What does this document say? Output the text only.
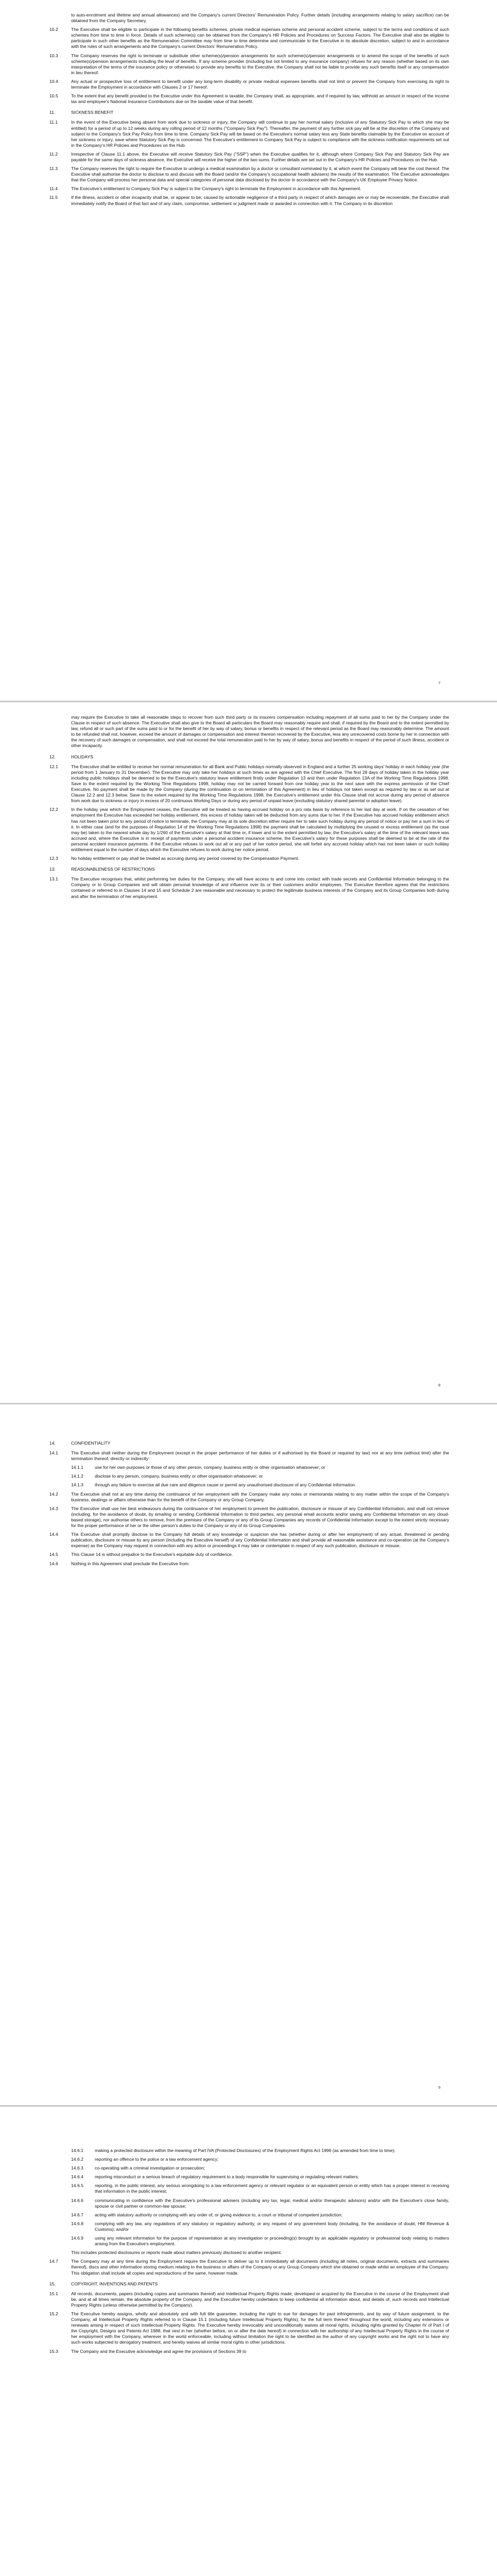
to auto-enrolment and lifetime and annual allowances) and the Company's current Directors' Remuneration Policy. Further details (including arrangements relating to salary sacrifice) can be obtained from the Company Secretary.
10.2	The Executive shall be eligible to participate in the following benefits schemes; private medical expenses scheme and personal accident scheme, subject to the terms and conditions of such schemes from time to time in force. Details of such scheme(s) can be obtained from the Company's HR Policies and Procedures on Success Factors. The Executive shall also be eligible to participate in such other benefits as the Remuneration Committee may from time to time determine and communicate to the Executive in its absolute discretion, subject to and in accordance with the rules of such arrangements and the Company's current Directors' Remuneration Policy.
10.3	The Company reserves the right to terminate or substitute other scheme(s)/pension arrangements for such scheme(s)/pension arrangements or to amend the scope of the benefits of such scheme(s)/pension arrangements including the level of benefits. If any scheme provider (including but not limited to any insurance company) refuses for any reason (whether based on its own interpretation of the terms of the insurance policy or otherwise) to provide any benefits to the Executive, the Company shall not be liable to provide any such benefits itself or any compensation in lieu thereof.
10.4	Any actual or prospective loss of entitlement to benefit under any long-term disability or private medical expenses benefits shall not limit or prevent the Company from exercising its right to terminate the Employment in accordance with Clauses 2 or 17 hereof.
10.5	To the extent that any benefit provided to the Executive under this Agreement is taxable, the Company shall, as appropriate, and if required by law, withhold an amount in respect of the income tax and employee's National Insurance Contributions due on the taxable value of that benefit.
11.	SICKNESS BENEFIT
11.1	In the event of the Executive being absent from work due to sickness or injury, the Company will continue to pay her normal salary (inclusive of any Statutory Sick Pay to which she may be entitled) for a period of up to 12 weeks during any rolling period of 12 months ("Company Sick Pay"). Thereafter, the payment of any further sick pay will be at the discretion of the Company and subject to the Company's Sick Pay Policy from time to time. Company Sick Pay will be based on the Executive's normal salary less any State benefits claimable by the Executive on account of her sickness or injury, save where Statutory Sick Pay is concerned. The Executive's entitlement to Company Sick Pay is subject to compliance with the sickness notification requirements set out in the Company's HR Policies and Procedures on the Hub.
11.2	Irrespective of Clause 11.1 above, the Executive will receive Statutory Sick Pay ("SSP") when the Executive qualifies for it, although where Company Sick Pay and Statutory Sick Pay are payable for the same days of sickness absence, the Executive will receive the higher of the two sums. Further details are set out in the Company's HR Policies and Procedures on the Hub.
11.3	The Company reserves the right to require the Executive to undergo a medical examination by a doctor or consultant nominated by it, at which event the Company will bear the cost thereof. The Executive shall authorise the doctor to disclose to and discuss with the Board (and/or the Company's occupational health advisers) the results of the examination. The Executive acknowledges that the Company will process her personal data and special categories of personal data disclosed by the doctor in accordance with the Company's UK Employee Privacy Notice.
11.4	The Executive's entitlement to Company Sick Pay is subject to the Company's right to terminate the Employment in accordance with this Agreement.
11.5	If the illness, accident or other incapacity shall be, or appear to be, caused by actionable negligence of a third party in respect of which damages are or may be recoverable, the Executive shall immediately notify the Board of that fact and of any claim, compromise, settlement or judgment made or awarded in connection with it. The Company in its discretion
7
may require the Executive to take all reasonable steps to recover from such third party or its insurers compensation including repayment of all sums paid to her by the Company under the Clause in respect of such absence. The Executive shall also give to the Board all particulars the Board may reasonably require and shall, if required by the Board and to the extent permitted by law, refund all or such part of the sums paid to or for the benefit of her by way of salary, bonus or benefits in respect of the relevant period as the Board may reasonably determine. The amount to be refunded shall not, however, exceed the amount of damages or compensation and interest thereon recovered by the Executive, less any unrecovered costs borne by her in connection with the recovery of such damages or compensation, and shall not exceed the total remuneration paid to her by way of salary, bonus and benefits in respect of the period of such illness, accident or other incapacity.
12.	HOLIDAYS
12.1	The Executive shall be entitled to receive her normal remuneration for all Bank and Public holidays normally observed in England and a further 25 working days' holiday in each holiday year (the period from 1 January to 31 December). The Executive may only take her holidays at such times as are agreed with the Chief Executive. The first 28 days of holiday taken in the holiday year including public holidays shall be deemed to be the Executive's statutory leave entitlement firstly under Regulation 13 and then under Regulation 13A of the Working Time Regulations 1998. Save to the extent required by the Working Time Regulations 1998, holiday may not be carried forward from one holiday year to the next save with the express permission of the Chief Executive. No payment shall be made by the Company (during the continuation or on termination of this Agreement) in lieu of holidays not taken except as required by law or as set out at Clause 12.2 and 12.3 below. Save to the extent required by the Working Time Regulations 1998, the Executive's entitlement under this Clause shall not accrue during any period of absence from work due to sickness or injury in excess of 20 continuous Working Days or during any period of unpaid leave (excluding statutory shared parental or adoption leave).
12.2	In the holiday year which the Employment ceases, the Executive will be treated as having accrued holiday on a pro rata basis by reference to her last day at work. If on the cessation of her employment the Executive has exceeded her holiday entitlement, this excess of holiday taken will be deducted from any sums due to her. If the Executive has accrued holiday entitlement which has not been taken prior to any period of notice to terminate, the Company may at its sole discretion either require her to take such holiday during any period of notice or pay her a sum in lieu of it. In either case (and for the purposes of Regulation 14 of the Working Time Regulations 1998) the payment shall be calculated by multiplying the unused or excess entitlement (as the case may be) taken to the nearest whole day by 1/260 of the Executive's salary at that time or, if lower and to the extent permitted by law, the Executive's salary at the time of the relevant leave was accrued and, where the Executive is in receipt of payments under a personal accident insurance scheme, the Executive's salary for these purposes shall be deemed to be at the rate of the personal accident insurance payments. If the Executive refuses to work out all or any part of her notice period, she will forfeit any accrued holiday which has not been taken or such holiday entitlement equal to the number of days which the Executive refuses to work during her notice period.
12.3	No holiday entitlement or pay shall be treated as accruing during any period covered by the Compensation Payment.
13.	REASONABLENESS OF RESTRICTIONS
13.1	The Executive recognises that, whilst performing her duties for the Company, she will have access to and come into contact with trade secrets and Confidential Information belonging to the Company or to Group Companies and will obtain personal knowledge of and influence over its or their customers and/or employees. The Executive therefore agrees that the restrictions contained or referred to in Clauses 14 and 15 and Schedule 2 are reasonable and necessary to protect the legitimate business interests of the Company and its Group Companies both during and after the termination of her employment.
8
14.	CONFIDENTIALITY
14.1	The Executive shall neither during the Employment (except in the proper performance of her duties or if authorised by the Board or required by law) nor at any time (without limit) after the termination thereof, directly or indirectly:
14.1.1	use for her own purposes or those of any other person, company, business entity or other organisation whatsoever; or
14.1.2	disclose to any person, company, business entity or other organisation whatsoever; or
14.1.3	through any failure to exercise all due care and diligence cause or permit any unauthorised disclosure of any Confidential Information.
14.2	The Executive shall not at any time during the continuance of her employment with the Company make any notes or memoranda relating to any matter within the scope of the Company's business, dealings or affairs otherwise than for the benefit of the Company or any Group Company.
14.3	The Executive shall use her best endeavours during the continuance of her employment to prevent the publication, disclosure or misuse of any Confidential Information, and shall not remove (including, for the avoidance of doubt, by emailing or sending Confidential Information to third parties, any personal email accounts and/or saving any Confidential Information on any cloud-based storage), nor authorise others to remove, from the premises of the Company or any of its Group Companies any records of Confidential Information except to the extent strictly necessary for the proper performance of her or the other person's duties to the Company or any of its Group Companies.
14.4	The Executive shall promptly disclose to the Company full details of any knowledge or suspicion she has (whether during or after her employment) of any actual, threatened or pending publication, disclosure or misuse by any person (including the Executive herself) of any Confidential Information and shall provide all reasonable assistance and co-operation (at the Company's expense) as the Company may request in connection with any action or proceedings it may take or contemplate in respect of any such publication, disclosure or misuse.
14.5	This Clause 14 is without prejudice to the Executive's equitable duty of confidence.
14.6	Nothing in this Agreement shall preclude the Executive from:
9
14.6.1	making a protected disclosure within the meaning of Part IVA (Protected Disclosures) of the Employment Rights Act 1996 (as amended from time to time);
14.6.2	reporting an offence to the police or a law enforcement agency;
14.6.3	co-operating with a criminal investigation or prosecution;
14.6.4	reporting misconduct or a serious breach of regulatory requirement to a body responsible for supervising or regulating relevant matters;
14.6.5	reporting, in the public interest, any serious wrongdoing to a law enforcement agency or relevant regulator or an equivalent person or entity which has a proper interest in receiving that information in the public interest;
14.6.6	communicating in confidence with the Executive's professional advisers (including any tax, legal, medical and/or therapeutic advisors) and/or with the Executive's close family, spouse or civil partner or common-law spouse;
14.6.7	acting with statutory authority or complying with any order of, or giving evidence to, a court or tribunal of competent jurisdiction;
14.6.8	complying with any law, any regulations of any statutory or regulatory authority, or any request of any government body (including, for the avoidance of doubt, HM Revenue & Customs); and/or
14.6.9	using any relevant information for the purpose of representation at any investigation or proceeding(s) brought by an applicable regulatory or professional body relating to matters arising from the Executive's employment.
This includes protected disclosures or reports made about matters previously disclosed to another recipient.
14.7	The Company may at any time during the Employment require the Executive to deliver up to it immediately all documents (including all notes, original documents, extracts and summaries thereof), discs and other information storing medium relating to the business or affairs of the Company or any Group Company which she obtained or made whilst an employee of the Company. This obligation shall include all copies and reproductions of the same, however made.
15.	COPYRIGHT, INVENTIONS AND PATENTS
15.1	All records, documents, papers (including copies and summaries thereof) and Intellectual Property Rights made, developed or acquired by the Executive in the course of the Employment shall be, and at all times remain, the absolute property of the Company, and the Executive hereby undertakes to keep confidential all information about, and details of, such records and Intellectual Property Rights (unless otherwise permitted by the Company).
15.2	The Executive hereby assigns, wholly and absolutely and with full title guarantee, including the right to sue for damages for past infringements, and by way of future assignment, to the Company, all Intellectual Property Rights referred to in Clause 15.1 (including future Intellectual Property Rights), for the full term thereof throughout the world, including any extensions or renewals arising in respect of such Intellectual Property Rights. The Executive hereby irrevocably and unconditionally waives all moral rights, including rights granted by Chapter IV of Part I of the Copyright, Designs and Patents Act 1988, that vest in her (whether before, on or after the date hereof) in connection with her authorship of any Intellectual Property Rights in the course of her employment with the Company, wherever in the world enforceable, including without limitation the right to be identified as the author of any copyright works and the right not to have any such works subjected to derogatory treatment, and hereby waives all similar moral rights in other jurisdictions.
15.3	The Company and the Executive acknowledge and agree the provisions of Sections 39 to
